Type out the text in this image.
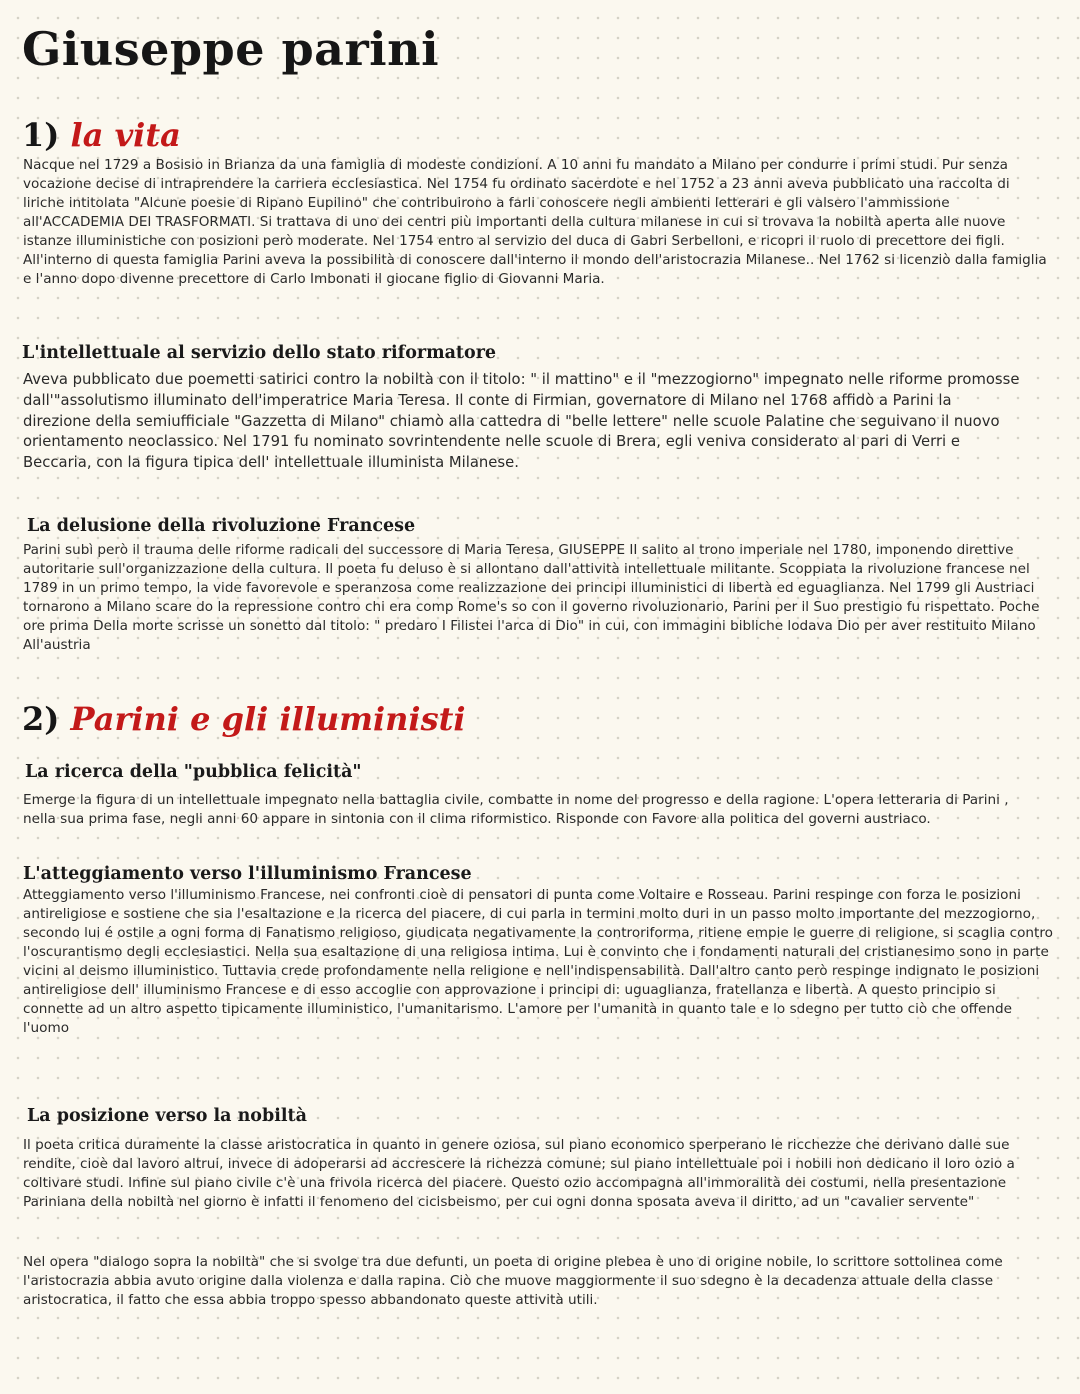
Giuseppe parini
1) la vita

Nacque nel 1729 a Bosisio in Brianza da una famiglia di modeste condizioni. A 10 anni fu mandato a Milano per condurre i primi studi. Pur senza vocazione decise di intraprendere la carriera ecclesiastica. Nel 1754 fu ordinato sacerdote e nel 1752 a 23 anni aveva pubblicato una raccolta di liriche intitolata "Alcune poesie di Ripano Eupilino" che contribuirono a farli conoscere negli ambienti letterari e gli valsero l'ammissione all'ACCADEMIA DEI TRASFORMATI. Si trattava di uno dei centri più importanti della cultura milanese in cui si trovava la nobiltà aperta alle nuove istanze illuministiche con posizioni però moderate. Nel 1754 entro al servizio del duca di Gabri Serbelloni, e ricopri il ruolo di precettore dei figli. All'interno di questa famiglia Parini aveva la possibilità di conoscere dall'interno il mondo dell'aristocrazia Milanese.. Nel 1762 si licenziò dalla famiglia e l'anno dopo divenne precettore di Carlo Imbonati il giocane figlio di Giovanni Maria.

L'intellettuale al servizio dello stato riformatore

Aveva pubblicato due poemetti satirici contro la nobiltà con il titolo: " il mattino" e il "mezzogiorno" impegnato nelle riforme promosse dall'"assolutismo illuminato dell'imperatrice Maria Teresa. Il conte di Firmian, governatore di Milano nel 1768 affidò a Parini la direzione della semiufficiale "Gazzetta di Milano" chiamò alla cattedra di "belle lettere" nelle scuole Palatine che seguivano il nuovo orientamento neoclassico. Nel 1791 fu nominato sovrintendente nelle scuole di Brera, egli veniva considerato al pari di Verri e Beccaria, con la figura tipica dell' intellettuale illuminista Milanese.

La delusione della rivoluzione Francese

Parini subì però il trauma delle riforme radicali del successore di Maria Teresa, GIUSEPPE II salito al trono imperiale nel 1780, imponendo direttive autoritarie sull'organizzazione della cultura. Il poeta fu deluso è si allontano dall'attività intellettuale militante. Scoppiata la rivoluzione francese nel 1789 in un primo tempo, la vide favorevole e speranzosa come realizzazione dei principi illuministici di libertà ed eguaglianza. Nel 1799 gli Austriaci tornarono a Milano scare do la repressione contro chi era comp Rome's so con il governo rivoluzionario, Parini per il Suo prestigio fu rispettato. Poche ore prima Della morte scrisse un sonetto dal titolo: " predaro I Filistei l'arca di Dio" in cui, con immagini bibliche lodava Dio per aver restituito Milano All'austria

2) Parini e gli illuministi
La ricerca della "pubblica felicità"

Emerge la figura di un intellettuale impegnato nella battaglia civile, combatte in nome del progresso e della ragione. L'opera letteraria di Parini , nella sua prima fase, negli anni 60 appare in sintonia con il clima riformistico. Risponde con Favore alla politica del governi austriaco.

L'atteggiamento verso l'illuminismo Francese

Atteggiamento verso l'illuminismo Francese, nei confronti cioè di pensatori di punta come Voltaire e Rosseau. Parini respinge con forza le posizioni antireligiose e sostiene che sia l'esaltazione e la ricerca del piacere, di cui parla in termini molto duri in un passo molto importante del mezzogiorno, secondo lui é ostile a ogni forma di Fanatismo religioso, giudicata negativamente la controriforma, ritiene empie le guerre di religione, si scaglia contro l'oscurantismo degli ecclesiastici. Nella sua esaltazione di una religiosa intima. Lui è convinto che i fondamenti naturali del cristianesimo sono in parte vicini al deismo illuministico. Tuttavia crede profondamente nella religione e nell'indispensabilità. Dall'altro canto però respinge indignato le posizioni antireligiose dell' illuminismo Francese e di esso accoglie con approvazione i principi di: uguaglianza, fratellanza e libertà. A questo principio si connette ad un altro aspetto tipicamente illuministico, l'umanitarismo. L'amore per l'umanità in quanto tale e lo sdegno per tutto ciò che offende l'uomo

La posizione verso la nobiltà

Il poeta critica duramente la classe aristocratica in quanto in genere oziosa, sul piano economico sperperano le ricchezze che derivano dalle sue rendite, cioè dal lavoro altrui, invece di adoperarsi ad accrescere la richezza comune; sul piano intellettuale poi i nobili non dedicano il loro ozio a coltivare studi. Infine sul piano civile c'è una frivola ricerca del piacere. Questo ozio accompagna all'immoralità dei costumi, nella presentazione Pariniana della nobiltà nel giorno è infatti il fenomeno del cicisbeismo, per cui ogni donna sposata aveva il diritto, ad un "cavalier servente"

Nel opera "dialogo sopra la nobiltà" che si svolge tra due defunti, un poeta di origine plebea è uno di origine nobile, lo scrittore sottolinea come l'aristocrazia abbia avuto origine dalla violenza e dalla rapina. Ciò che muove maggiormente il suo sdegno è la decadenza attuale della classe aristocratica, il fatto che essa abbia troppo spesso abbandonato queste attività utili.
